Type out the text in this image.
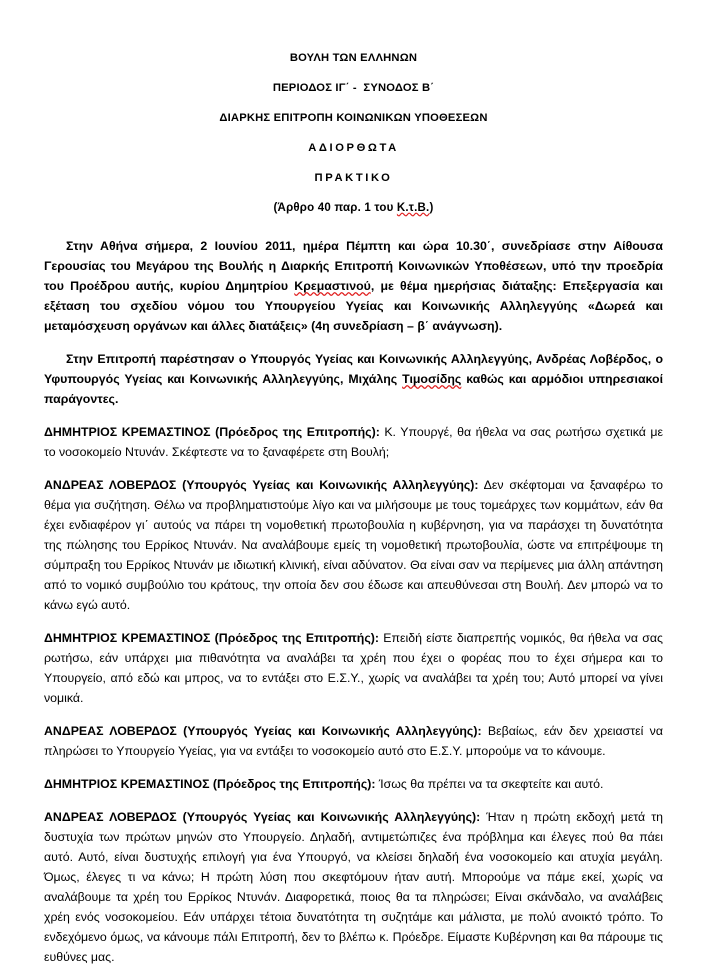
ΒΟΥΛΗ ΤΩΝ ΕΛΛΗΝΩΝ
ΠΕΡΙΟΔΟΣ ΙΓ΄ -  ΣΥΝΟΔΟΣ Β΄
ΔΙΑΡΚΗΣ ΕΠΙΤΡΟΠΗ ΚΟΙΝΩΝΙΚΩΝ ΥΠΟΘΕΣΕΩΝ
ΑΔΙΟΡΘΩΤΑ
ΠΡΑΚΤΙΚΟ
(Άρθρο 40 παρ. 1 του Κ.τ.Β.)

Στην Αθήνα σήμερα, 2 Ιουνίου 2011, ημέρα Πέμπτη και ώρα 10.30΄, συνεδρίασε στην Αίθουσα Γερουσίας του Μεγάρου της Βουλής η Διαρκής Επιτροπή Κοινωνικών Υποθέσεων, υπό την προεδρία του Προέδρου αυτής, κυρίου Δημητρίου Κρεμαστινού, με θέμα ημερήσιας διάταξης: Επεξεργασία και εξέταση του σχεδίου νόμου του Υπουργείου Υγείας και Κοινωνικής Αλληλεγγύης «Δωρεά και μεταμόσχευση οργάνων και άλλες διατάξεις» (4η συνεδρίαση – β΄ ανάγνωση).

Στην Επιτροπή παρέστησαν ο Υπουργός Υγείας και Κοινωνικής Αλληλεγγύης, Ανδρέας Λοβέρδος, ο Υφυπουργός Υγείας και Κοινωνικής Αλληλεγγύης, Μιχάλης Τιμοσίδης καθώς και αρμόδιοι υπηρεσιακοί παράγοντες.

ΔΗΜΗΤΡΙΟΣ ΚΡΕΜΑΣΤΙΝΟΣ (Πρόεδρος της Επιτροπής): Κ. Υπουργέ, θα ήθελα να σας ρωτήσω σχετικά με το νοσοκομείο Ντυνάν. Σκέφτεστε να το ξαναφέρετε στη Βουλή;

ΑΝΔΡΕΑΣ ΛΟΒΕΡΔΟΣ (Υπουργός Υγείας και Κοινωνικής Αλληλεγγύης): Δεν σκέφτομαι να ξαναφέρω το θέμα για συζήτηση. Θέλω να προβληματιστούμε λίγο και να μιλήσουμε με τους τομεάρχες των κομμάτων, εάν θα έχει ενδιαφέρον γι΄ αυτούς να πάρει τη νομοθετική πρωτοβουλία η κυβέρνηση, για να παράσχει τη δυνατότητα της πώλησης του Ερρίκος Ντυνάν. Να αναλάβουμε εμείς τη νομοθετική πρωτοβουλία, ώστε να επιτρέψουμε τη σύμπραξη του Ερρίκος Ντυνάν με ιδιωτική κλινική, είναι αδύνατον. Θα είναι σαν να περίμενες μια άλλη απάντηση από το νομικό συμβούλιο του κράτους, την οποία δεν σου έδωσε και απευθύνεσαι στη Βουλή. Δεν μπορώ να το κάνω εγώ αυτό.

ΔΗΜΗΤΡΙΟΣ ΚΡΕΜΑΣΤΙΝΟΣ (Πρόεδρος της Επιτροπής): Επειδή είστε διαπρεπής νομικός, θα ήθελα να σας ρωτήσω, εάν υπάρχει μια πιθανότητα να αναλάβει τα χρέη που έχει ο φορέας που το έχει σήμερα και το Υπουργείο, από εδώ και μπρος, να το εντάξει στο Ε.Σ.Υ., χωρίς να αναλάβει τα χρέη του; Αυτό μπορεί να γίνει νομικά.

ΑΝΔΡΕΑΣ ΛΟΒΕΡΔΟΣ (Υπουργός Υγείας και Κοινωνικής Αλληλεγγύης): Βεβαίως, εάν δεν χρειαστεί να πληρώσει το Υπουργείο Υγείας, για να εντάξει το νοσοκομείο αυτό στο Ε.Σ.Υ. μπορούμε να το κάνουμε.

ΔΗΜΗΤΡΙΟΣ ΚΡΕΜΑΣΤΙΝΟΣ (Πρόεδρος της Επιτροπής): Ίσως θα πρέπει να τα σκεφτείτε και αυτό.

ΑΝΔΡΕΑΣ ΛΟΒΕΡΔΟΣ (Υπουργός Υγείας και Κοινωνικής Αλληλεγγύης): Ήταν η πρώτη εκδοχή μετά τη δυστυχία των πρώτων μηνών στο Υπουργείο. Δηλαδή, αντιμετώπιζες ένα πρόβλημα και έλεγες πού θα πάει αυτό. Αυτό, είναι δυστυχής επιλογή για ένα Υπουργό, να κλείσει δηλαδή ένα νοσοκομείο και ατυχία μεγάλη. Όμως, έλεγες τι να κάνω; Η πρώτη λύση που σκεφτόμουν ήταν αυτή. Μπορούμε να πάμε εκεί, χωρίς να αναλάβουμε τα χρέη του Ερρίκος Ντυνάν. Διαφορετικά, ποιος θα τα πληρώσει; Είναι σκάνδαλο, να αναλάβεις χρέη ενός νοσοκομείου. Εάν υπάρχει τέτοια δυνατότητα τη συζητάμε και μάλιστα, με πολύ ανοικτό τρόπο. Το ενδεχόμενο όμως, να κάνουμε πάλι Επιτροπή, δεν το βλέπω κ. Πρόεδρε. Είμαστε Κυβέρνηση και θα πάρουμε τις ευθύνες μας.
